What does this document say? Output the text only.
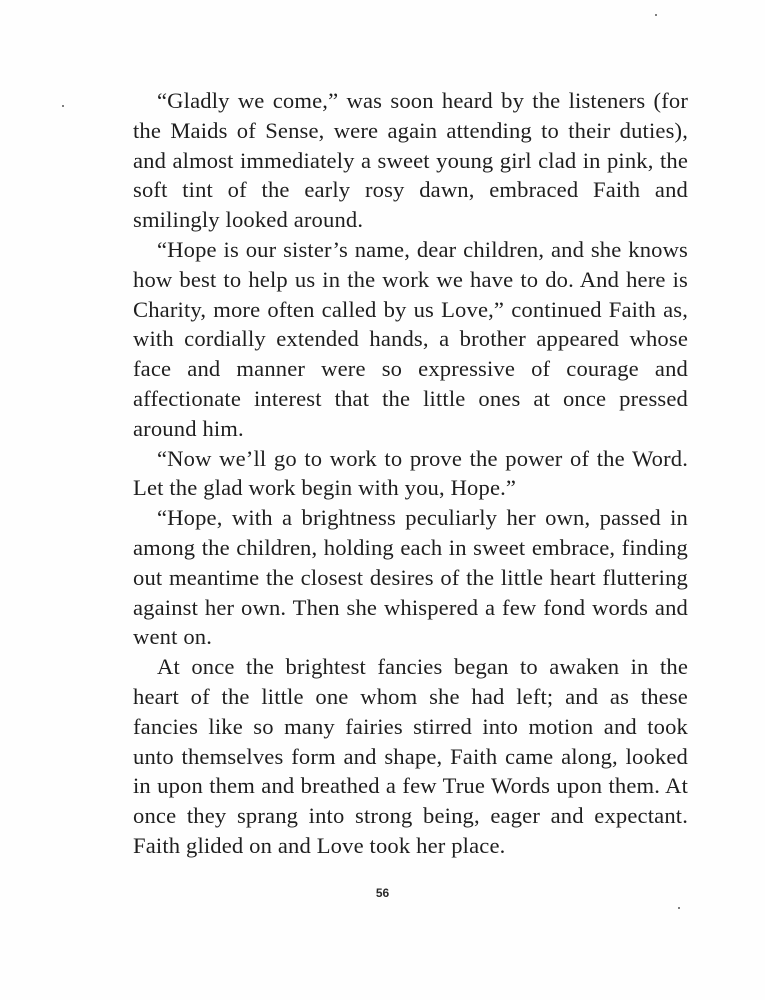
“Gladly we come,” was soon heard by the listeners (for the Maids of Sense, were again attending to their duties), and almost immediately a sweet young girl clad in pink, the soft tint of the early rosy dawn, embraced Faith and smilingly looked around.

“Hope is our sister’s name, dear children, and she knows how best to help us in the work we have to do. And here is Charity, more often called by us Love,” continued Faith as, with cordially extended hands, a brother appeared whose face and manner were so expressive of courage and affectionate interest that the little ones at once pressed around him.

“Now we’ll go to work to prove the power of the Word. Let the glad work begin with you, Hope.”

“Hope, with a brightness peculiarly her own, passed in among the children, holding each in sweet embrace, finding out meantime the closest desires of the little heart fluttering against her own. Then she whispered a few fond words and went on.

At once the brightest fancies began to awaken in the heart of the little one whom she had left; and as these fancies like so many fairies stirred into motion and took unto themselves form and shape, Faith came along, looked in upon them and breathed a few True Words upon them. At once they sprang into strong being, eager and expectant. Faith glided on and Love took her place.

56
